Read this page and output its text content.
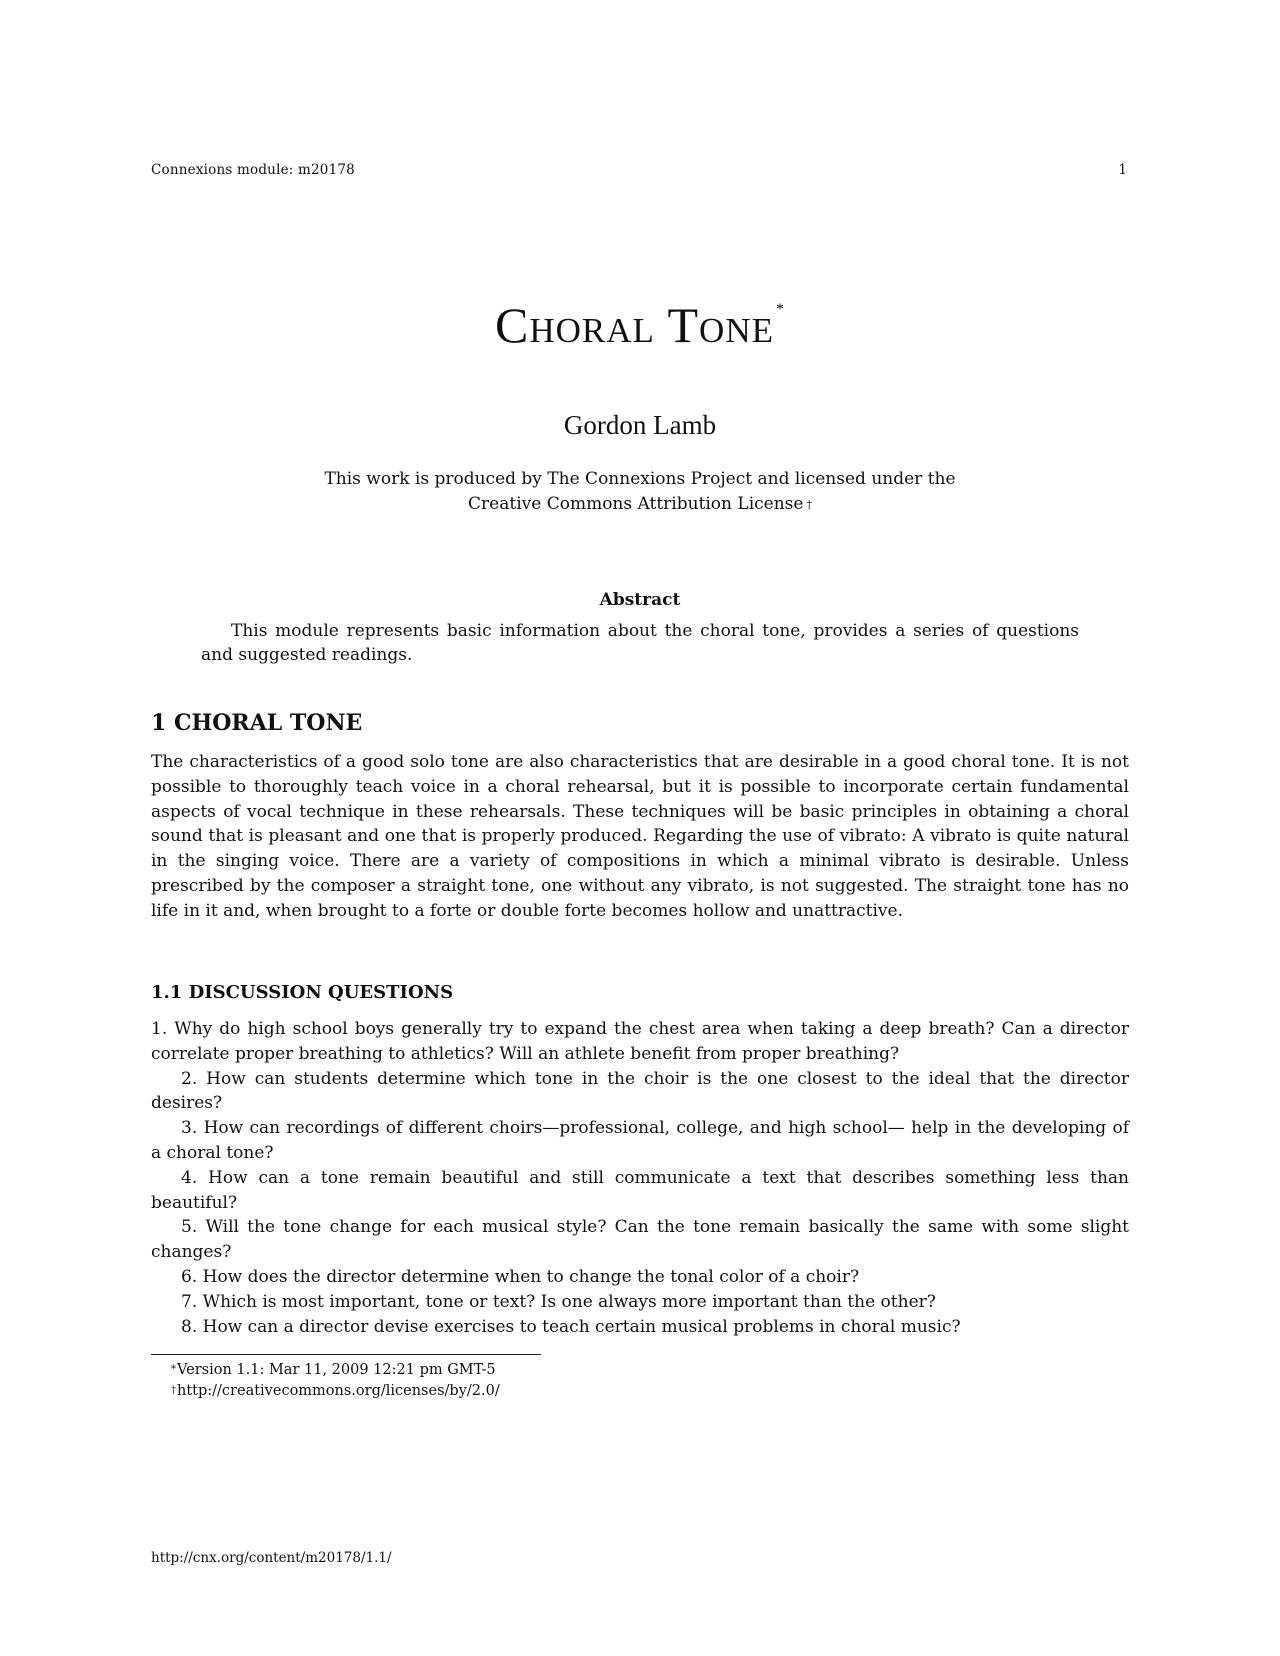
Connexions module: m20178	1
Choral Tone *
Gordon Lamb
This work is produced by The Connexions Project and licensed under the
Creative Commons Attribution License †
Abstract
This module represents basic information about the choral tone, provides a series of questions and suggested readings.
1 CHORAL TONE
The characteristics of a good solo tone are also characteristics that are desirable in a good choral tone. It is not possible to thoroughly teach voice in a choral rehearsal, but it is possible to incorporate certain fundamental aspects of vocal technique in these rehearsals. These techniques will be basic principles in obtaining a choral sound that is pleasant and one that is properly produced. Regarding the use of vibrato: A vibrato is quite natural in the singing voice. There are a variety of compositions in which a minimal vibrato is desirable. Unless prescribed by the composer a straight tone, one without any vibrato, is not suggested. The straight tone has no life in it and, when brought to a forte or double forte becomes hollow and unattractive.
1.1 DISCUSSION QUESTIONS

1. Why do high school boys generally try to expand the chest area when taking a deep breath? Can a director correlate proper breathing to athletics? Will an athlete benefit from proper breathing?

2. How can students determine which tone in the choir is the one closest to the ideal that the director desires?

3. How can recordings of different choirs—professional, college, and high school— help in the developing of a choral tone?

4. How can a tone remain beautiful and still communicate a text that describes something less than beautiful?

5. Will the tone change for each musical style? Can the tone remain basically the same with some slight changes?

6. How does the director determine when to change the tonal color of a choir?

7. Which is most important, tone or text? Is one always more important than the other?

8. How can a director devise exercises to teach certain musical problems in choral music?

*Version 1.1: Mar 11, 2009 12:21 pm GMT-5
†http://creativecommons.org/licenses/by/2.0/
http://cnx.org/content/m20178/1.1/
